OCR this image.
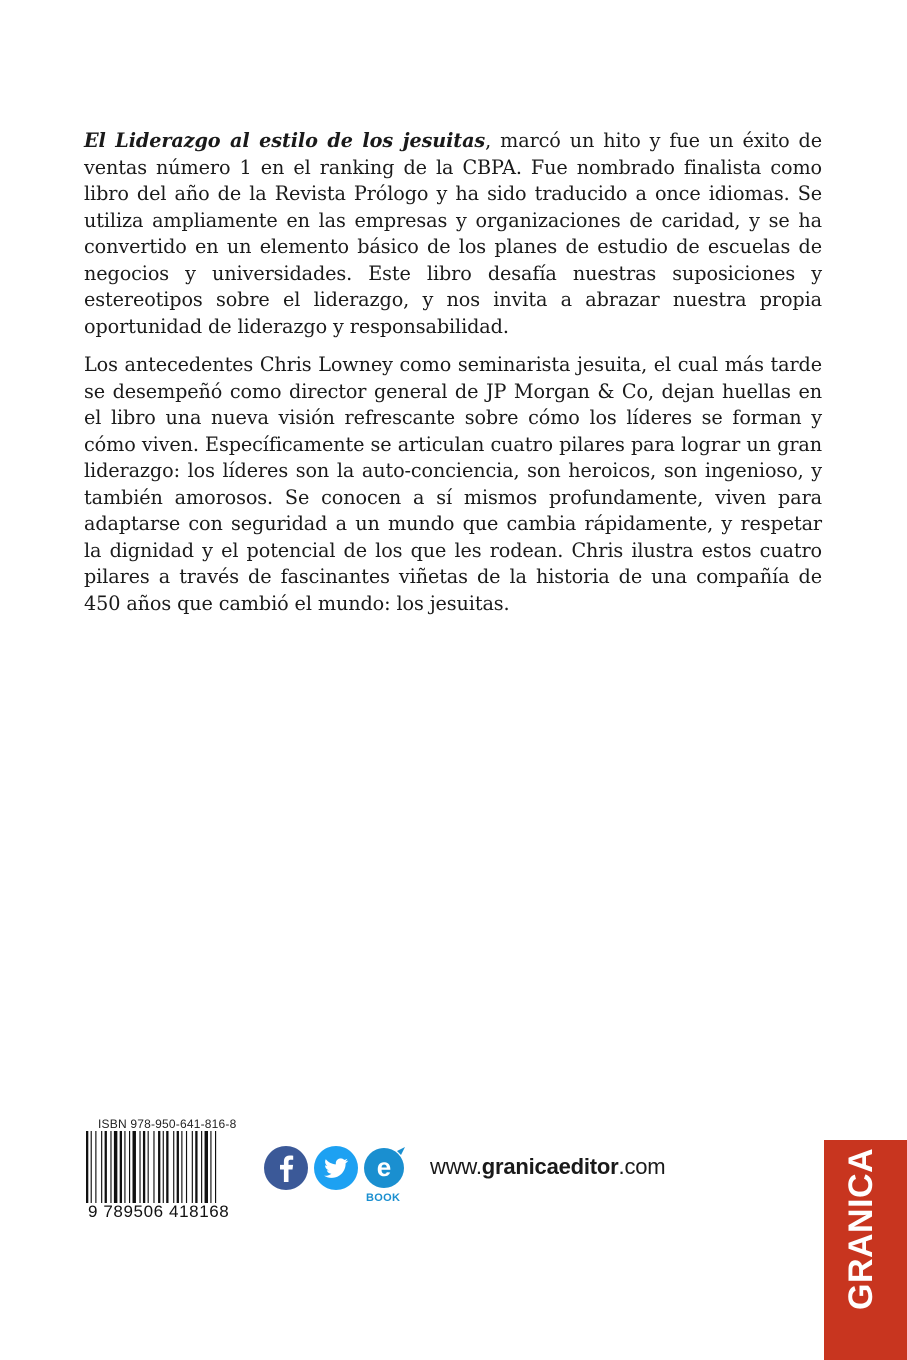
El Liderazgo al estilo de los jesuitas, marcó un hito y fue un éxito de ventas número 1 en el ranking de la CBPA. Fue nombrado finalista como libro del año de la Revista Prólogo y ha sido traducido a once idiomas. Se utiliza ampliamente en las empresas y organizaciones de caridad, y se ha convertido en un elemento básico de los planes de estudio de escuelas de negocios y universidades. Este libro desafía nuestras suposiciones y estereotipos sobre el liderazgo, y nos invita a abrazar nuestra propia oportunidad de liderazgo y responsabilidad.

Los antecedentes Chris Lowney como seminarista jesuita, el cual más tarde se desempeñó como director general de JP Morgan & Co, dejan huellas en el libro una nueva visión refrescante sobre cómo los líderes se forman y cómo viven. Específicamente se articulan cuatro pilares para lograr un gran liderazgo: los líderes son la auto-conciencia, son heroicos, son ingenioso, y también amorosos. Se conocen a sí mismos profundamente, viven para adaptarse con seguridad a un mundo que cambia rápidamente, y respetar la dignidad y el potencial de los que les rodean. Chris ilustra estos cuatro pilares a través de fascinantes viñetas de la historia de una compañía de 450 años que cambió el mundo: los jesuitas.

ISBN 978-950-641-816-8
9 789506 418168
e
BOOK
www.granicaeditor.com	GRANICA
